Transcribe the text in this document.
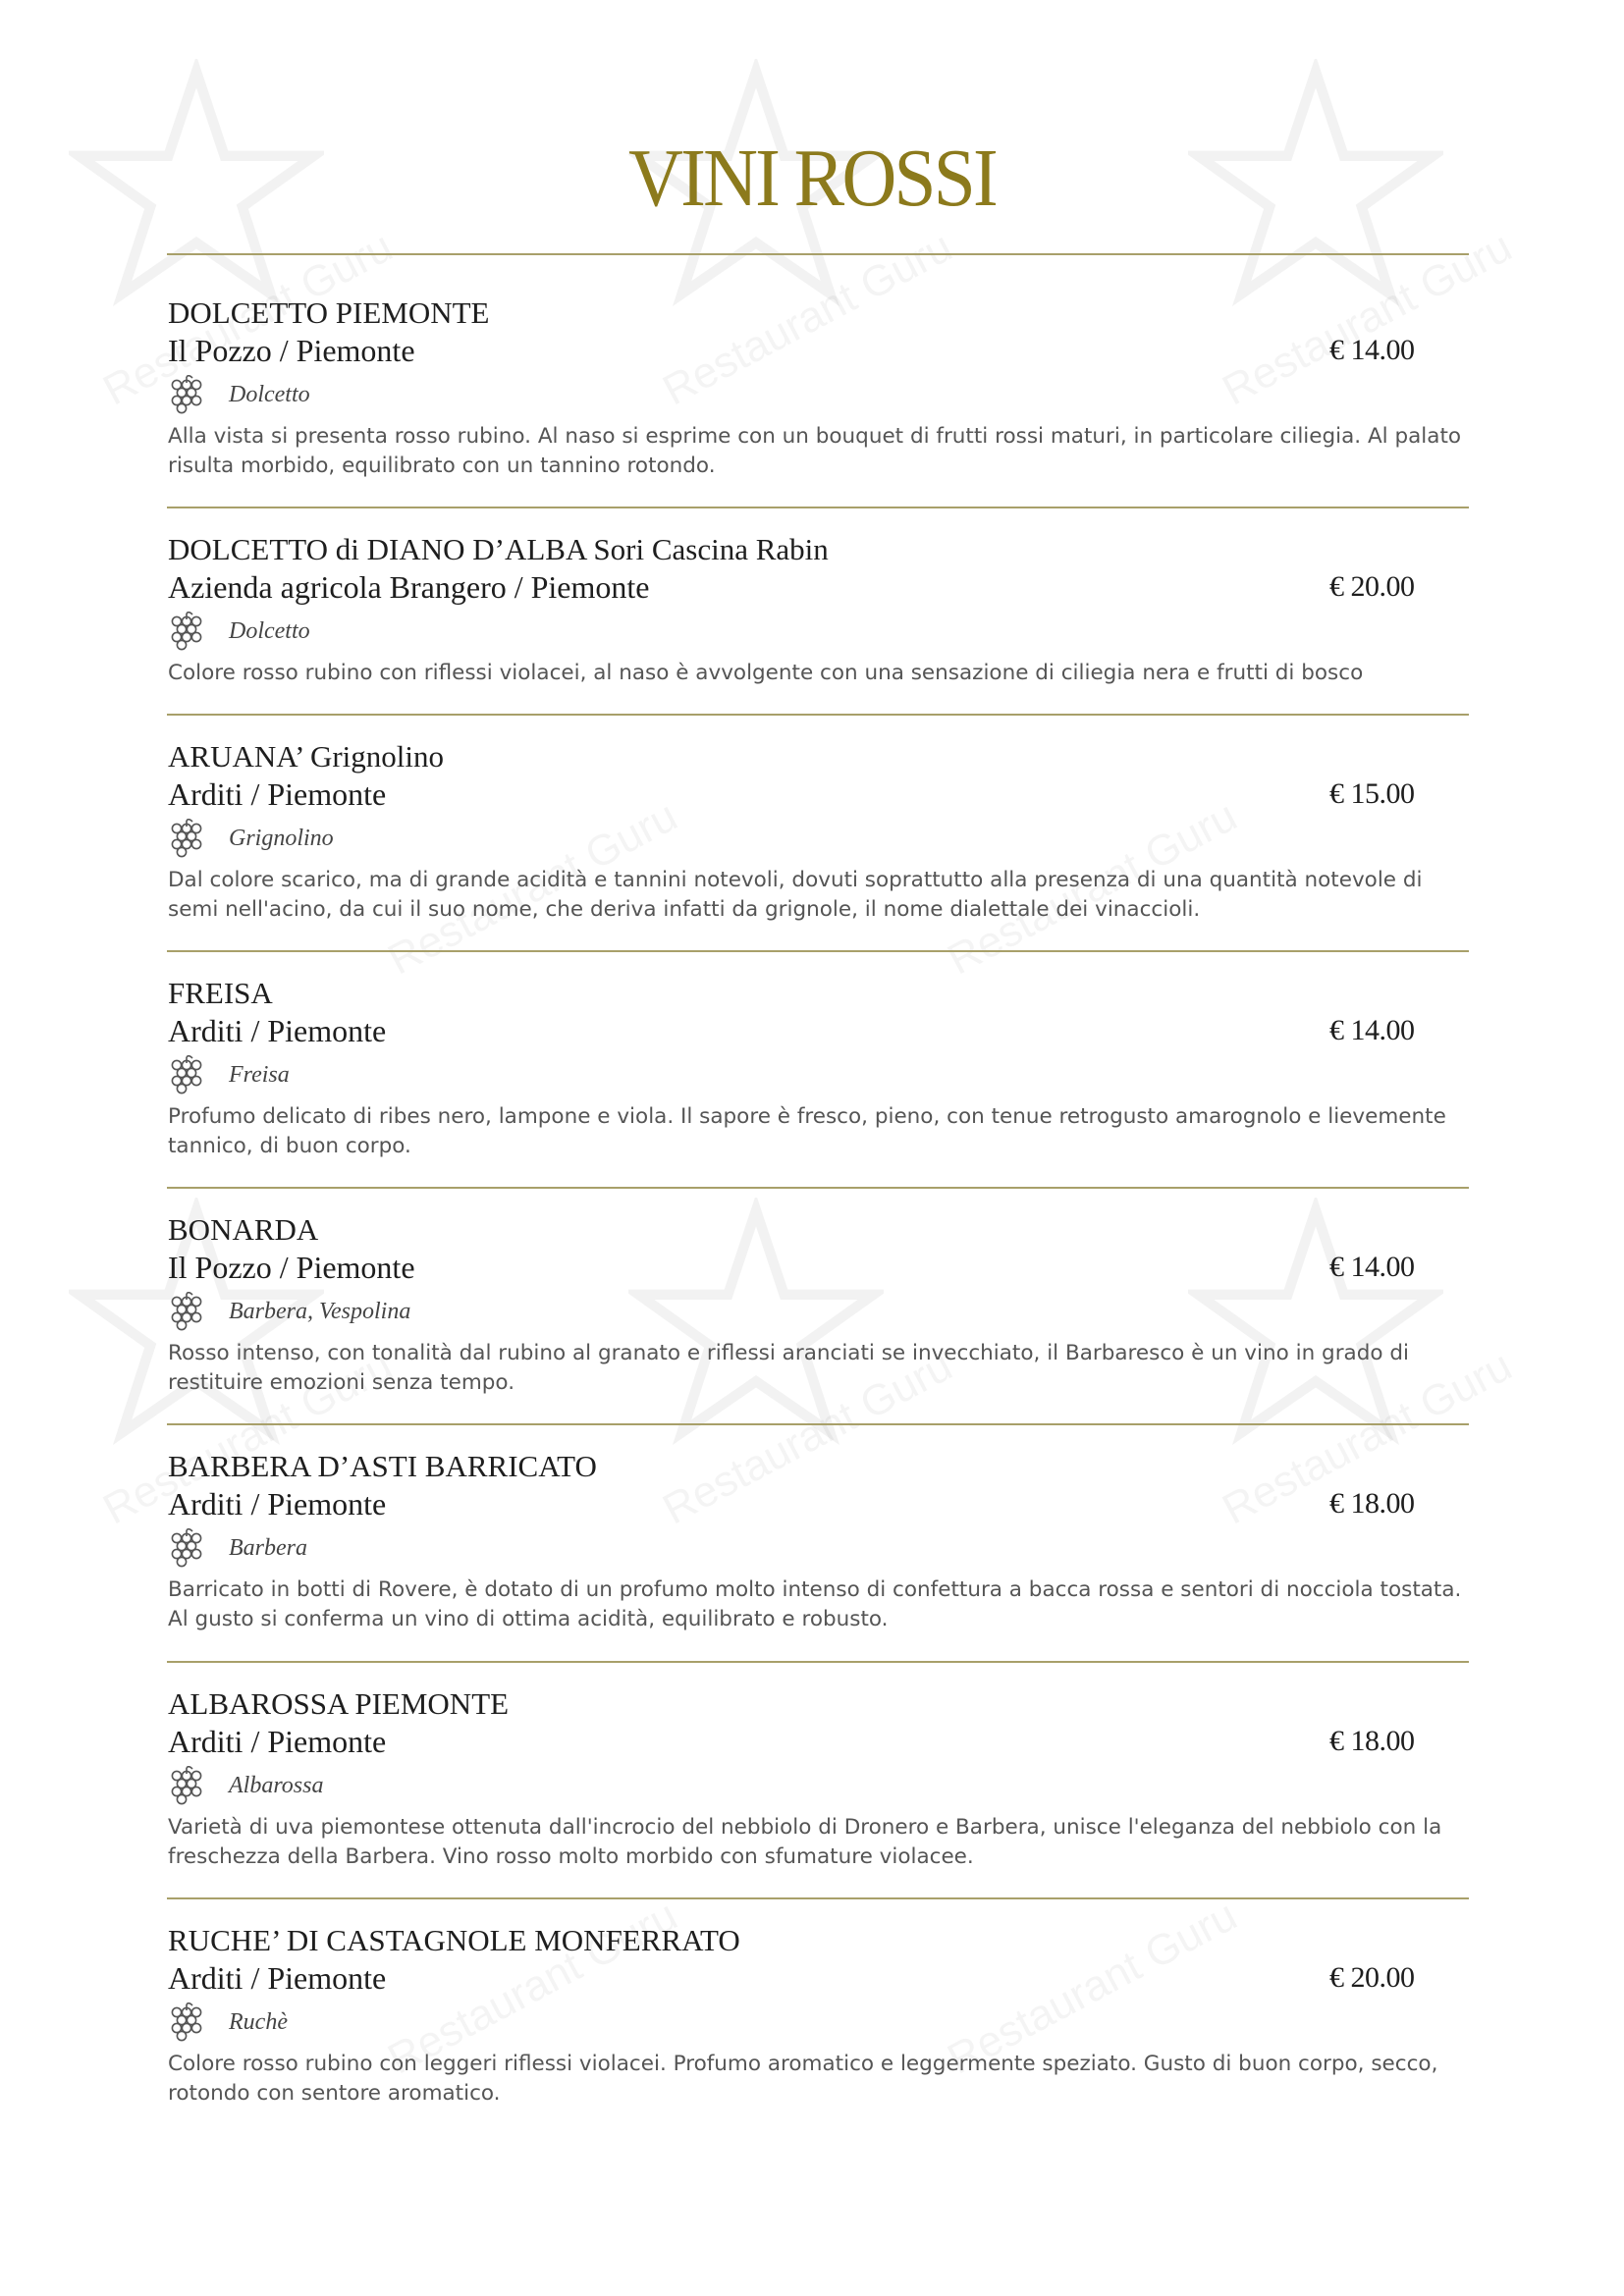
VINI ROSSI
DOLCETTO PIEMONTE
Il Pozzo / Piemonte	€ 14.00
Dolcetto
Alla vista si presenta rosso rubino. Al naso si esprime con un bouquet di frutti rossi maturi, in particolare ciliegia. Al palato risulta morbido, equilibrato con un tannino rotondo.
DOLCETTO di DIANO D’ALBA Sori Cascina Rabin
Azienda agricola Brangero / Piemonte	€ 20.00
Dolcetto
Colore rosso rubino con riflessi violacei, al naso è avvolgente con una sensazione di ciliegia nera e frutti di bosco
ARUANA’ Grignolino
Arditi / Piemonte	€ 15.00
Grignolino
Dal colore scarico, ma di grande acidità e tannini notevoli, dovuti soprattutto alla presenza di una quantità notevole di semi nell'acino, da cui il suo nome, che deriva infatti da grignole, il nome dialettale dei vinaccioli.
FREISA
Arditi / Piemonte	€ 14.00
Freisa
Profumo delicato di ribes nero, lampone e viola. Il sapore è fresco, pieno, con tenue retrogusto amarognolo e lievemente tannico, di buon corpo.
BONARDA
Il Pozzo / Piemonte	€ 14.00
Barbera, Vespolina
Rosso intenso, con tonalità dal rubino al granato e riflessi aranciati se invecchiato, il Barbaresco è un vino in grado di restituire emozioni senza tempo.
BARBERA D’ASTI BARRICATO
Arditi / Piemonte	€ 18.00
Barbera
Barricato in botti di Rovere, è dotato di un profumo molto intenso di confettura a bacca rossa e sentori di nocciola tostata. Al gusto si conferma un vino di ottima acidità, equilibrato e robusto.
ALBAROSSA PIEMONTE
Arditi / Piemonte	€ 18.00
Albarossa
Varietà di uva piemontese ottenuta dall'incrocio del nebbiolo di Dronero e Barbera, unisce l'eleganza del nebbiolo con la freschezza della Barbera. Vino rosso molto morbido con sfumature violacee.
RUCHE’ DI CASTAGNOLE MONFERRATO
Arditi / Piemonte	€ 20.00
Ruchè
Colore rosso rubino con leggeri riflessi violacei. Profumo aromatico e leggermente speziato. Gusto di buon corpo, secco, rotondo con sentore aromatico.
